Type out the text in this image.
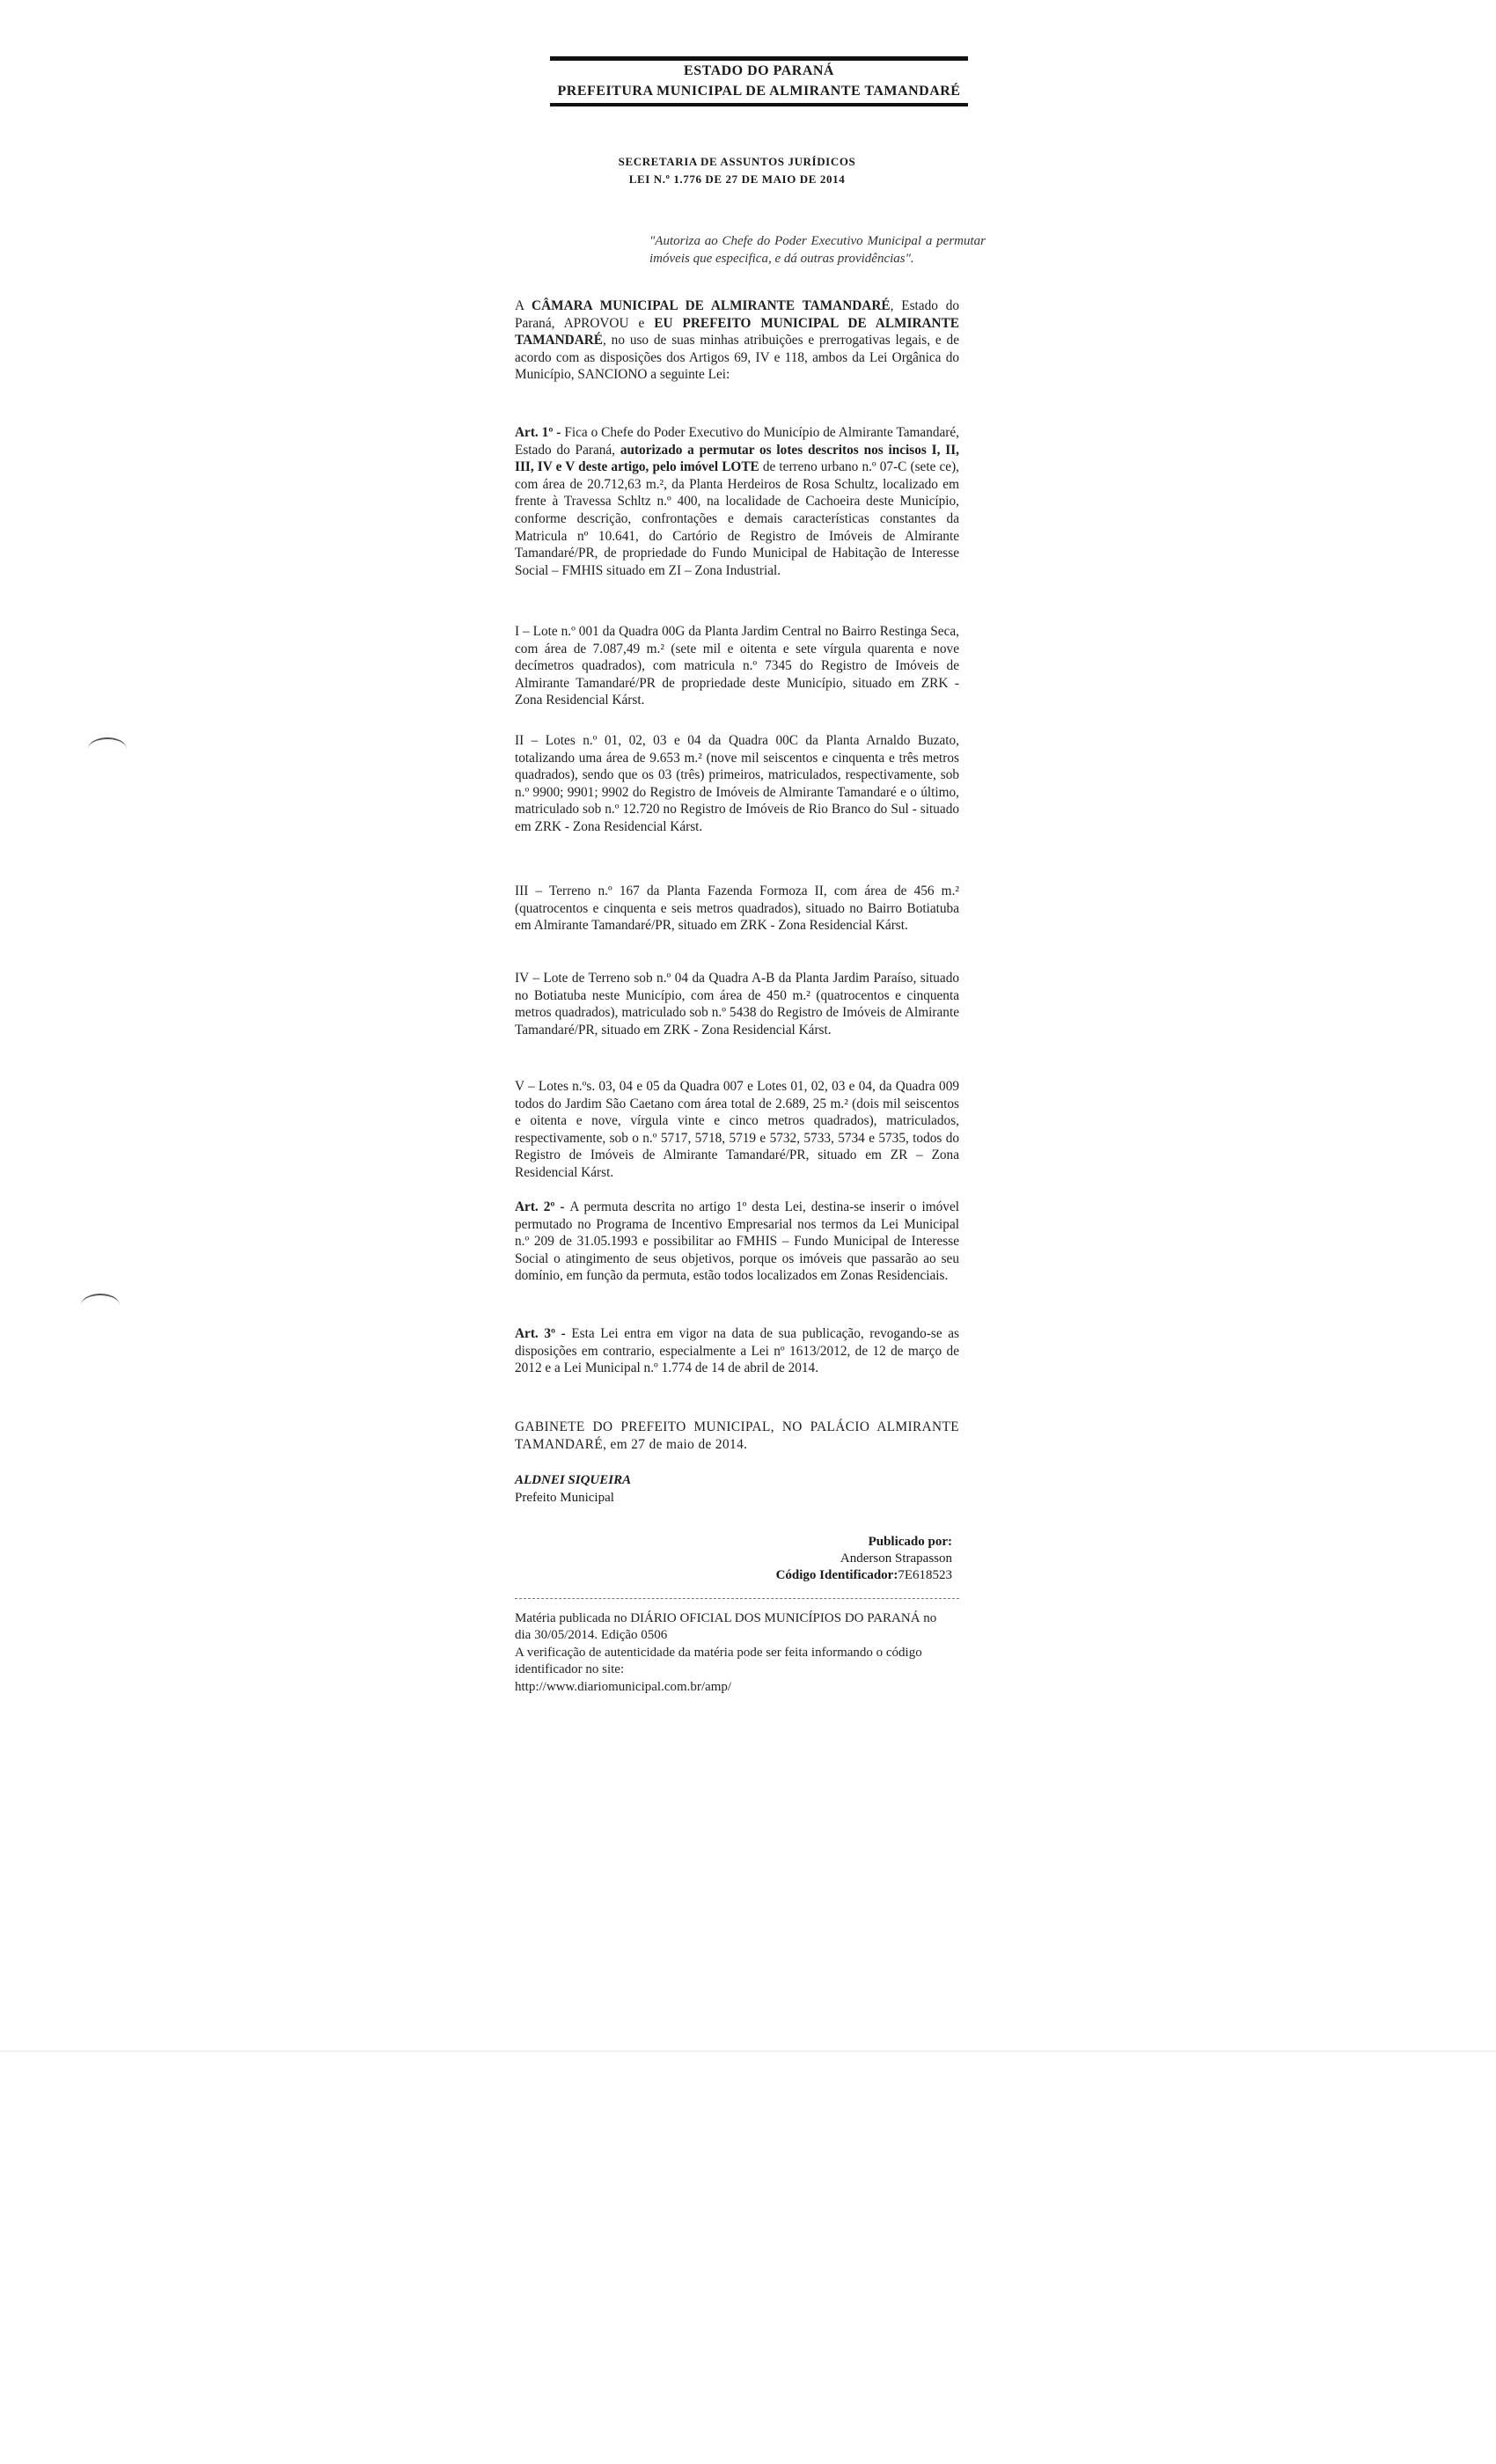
ESTADO DO PARANÁ
PREFEITURA MUNICIPAL DE ALMIRANTE TAMANDARÉ
SECRETARIA DE ASSUNTOS JURÍDICOS
LEI N.º 1.776 DE 27 DE MAIO DE 2014
"Autoriza ao Chefe do Poder Executivo Municipal a permutar imóveis que especifica, e dá outras providências".
A CÂMARA MUNICIPAL DE ALMIRANTE TAMANDARÉ, Estado do Paraná, APROVOU e EU PREFEITO MUNICIPAL DE ALMIRANTE TAMANDARÉ, no uso de suas minhas atribuições e prerrogativas legais, e de acordo com as disposições dos Artigos 69, IV e 118, ambos da Lei Orgânica do Município, SANCIONO a seguinte Lei:
Art. 1º - Fica o Chefe do Poder Executivo do Município de Almirante Tamandaré, Estado do Paraná, autorizado a permutar os lotes descritos nos incisos I, II, III, IV e V deste artigo, pelo imóvel LOTE de terreno urbano n.º 07-C (sete ce), com área de 20.712,63 m.², da Planta Herdeiros de Rosa Schultz, localizado em frente à Travessa Schltz n.º 400, na localidade de Cachoeira deste Município, conforme descrição, confrontações e demais características constantes da Matricula nº 10.641, do Cartório de Registro de Imóveis de Almirante Tamandaré/PR, de propriedade do Fundo Municipal de Habitação de Interesse Social – FMHIS situado em ZI – Zona Industrial.
I – Lote n.º 001 da Quadra 00G da Planta Jardim Central no Bairro Restinga Seca, com área de 7.087,49 m.² (sete mil e oitenta e sete vírgula quarenta e nove decímetros quadrados), com matricula n.º 7345 do Registro de Imóveis de Almirante Tamandaré/PR de propriedade deste Município, situado em ZRK - Zona Residencial Kárst.
II – Lotes n.º 01, 02, 03 e 04 da Quadra 00C da Planta Arnaldo Buzato, totalizando uma área de 9.653 m.² (nove mil seiscentos e cinquenta e três metros quadrados), sendo que os 03 (três) primeiros, matriculados, respectivamente, sob n.º 9900; 9901; 9902 do Registro de Imóveis de Almirante Tamandaré e o último, matriculado sob n.º 12.720 no Registro de Imóveis de Rio Branco do Sul - situado em ZRK - Zona Residencial Kárst.
III – Terreno n.º 167 da Planta Fazenda Formoza II, com área de 456 m.² (quatrocentos e cinquenta e seis metros quadrados), situado no Bairro Botiatuba em Almirante Tamandaré/PR, situado em ZRK - Zona Residencial Kárst.
IV – Lote de Terreno sob n.º 04 da Quadra A-B da Planta Jardim Paraíso, situado no Botiatuba neste Município, com área de 450 m.² (quatrocentos e cinquenta metros quadrados), matriculado sob n.º 5438 do Registro de Imóveis de Almirante Tamandaré/PR, situado em ZRK - Zona Residencial Kárst.
V – Lotes n.ºs. 03, 04 e 05 da Quadra 007 e Lotes 01, 02, 03 e 04, da Quadra 009 todos do Jardim São Caetano com área total de 2.689, 25 m.² (dois mil seiscentos e oitenta e nove, vírgula vinte e cinco metros quadrados), matriculados, respectivamente, sob o n.º 5717, 5718, 5719 e 5732, 5733, 5734 e 5735, todos do Registro de Imóveis de Almirante Tamandaré/PR, situado em ZR – Zona Residencial Kárst.
Art. 2º - A permuta descrita no artigo 1º desta Lei, destina-se inserir o imóvel permutado no Programa de Incentivo Empresarial nos termos da Lei Municipal n.º 209 de 31.05.1993 e possibilitar ao FMHIS – Fundo Municipal de Interesse Social o atingimento de seus objetivos, porque os imóveis que passarão ao seu domínio, em função da permuta, estão todos localizados em Zonas Residenciais.
Art. 3º - Esta Lei entra em vigor na data de sua publicação, revogando-se as disposições em contrario, especialmente a Lei nº 1613/2012, de 12 de março de 2012 e a Lei Municipal n.º 1.774 de 14 de abril de 2014.
GABINETE DO PREFEITO MUNICIPAL, NO PALÁCIO ALMIRANTE TAMANDARÉ, em 27 de maio de 2014.
ALDNEI SIQUEIRA
Prefeito Municipal
Publicado por:
Anderson Strapasson
Código Identificador:7E618523
Matéria publicada no DIÁRIO OFICIAL DOS MUNICÍPIOS DO PARANÁ no dia 30/05/2014. Edição 0506
A verificação de autenticidade da matéria pode ser feita informando o código identificador no site:
http://www.diariomunicipal.com.br/amp/
